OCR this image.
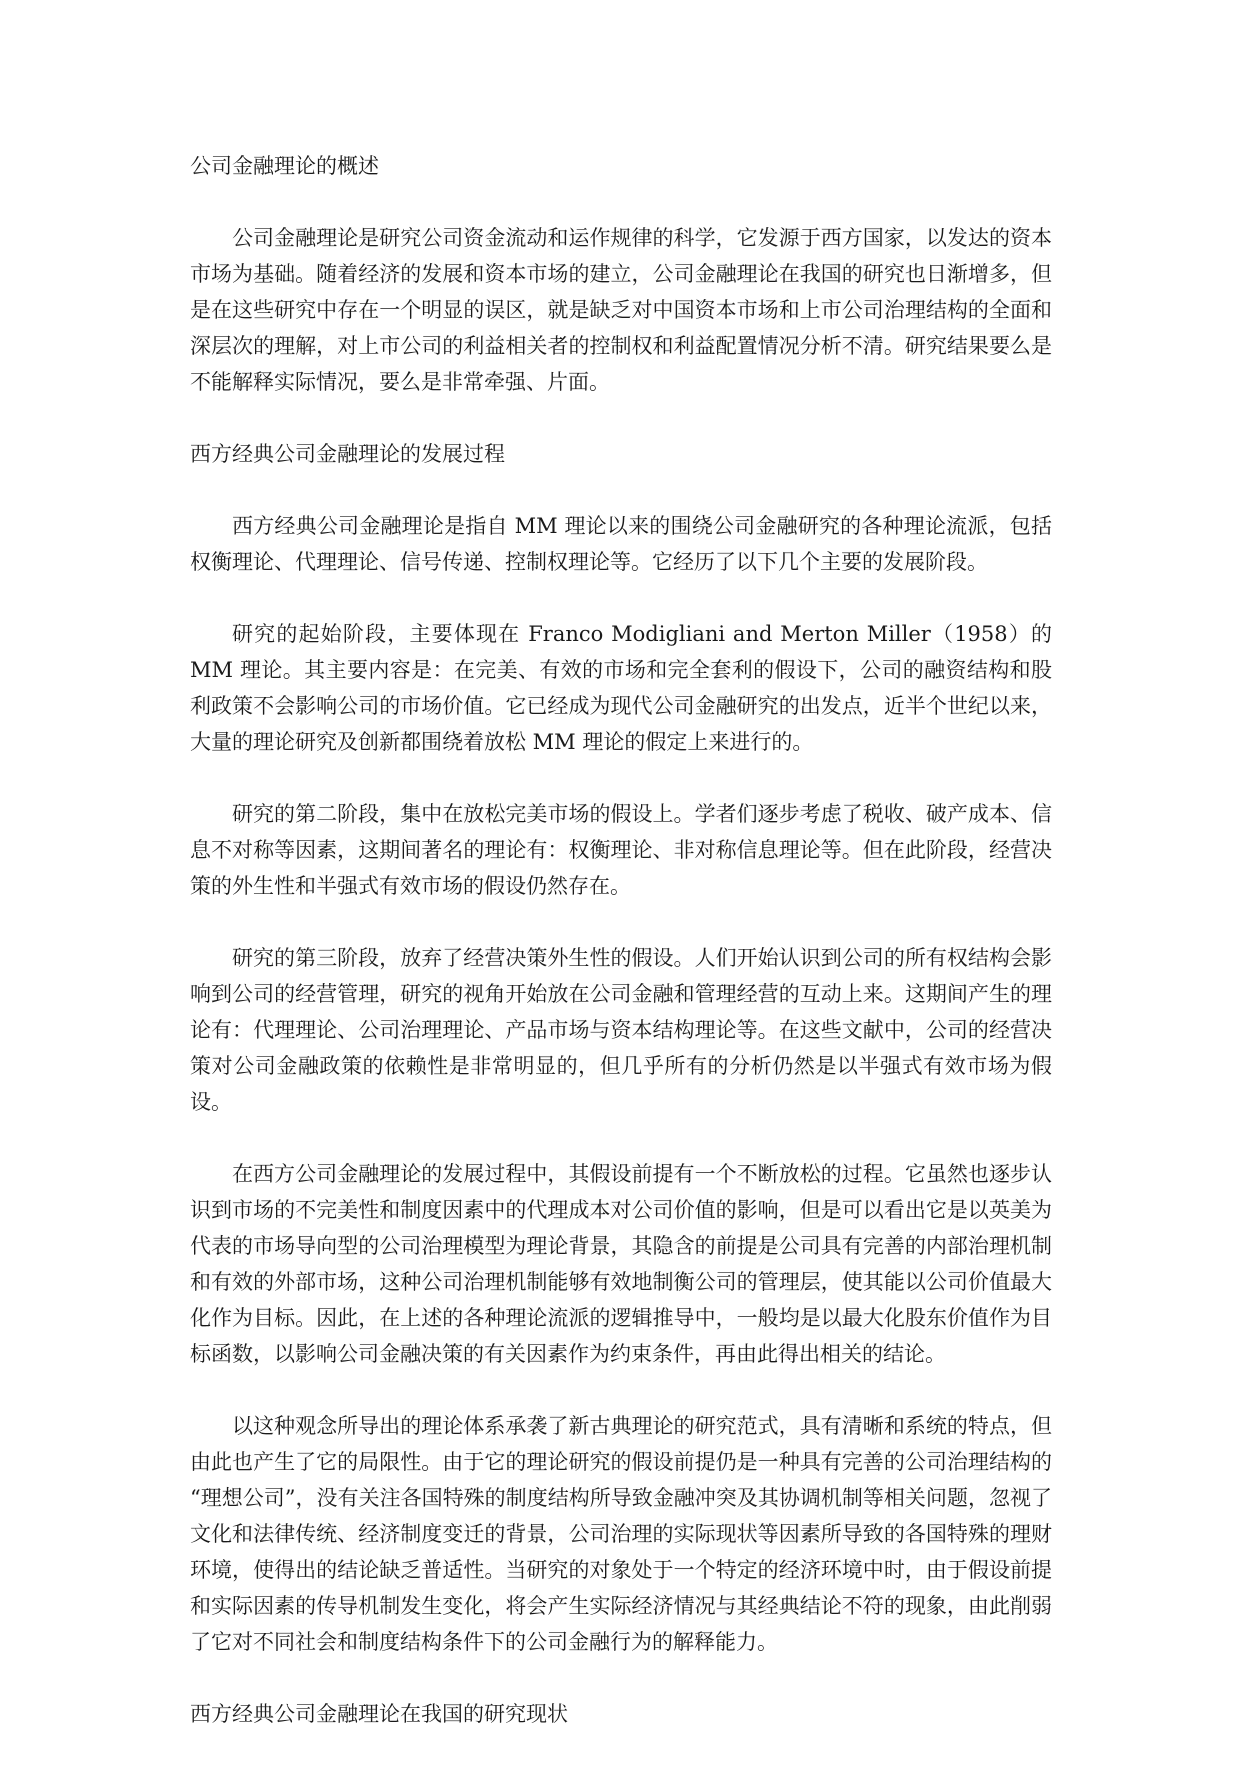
公司金融理论的概述

公司金融理论是研究公司资金流动和运作规律的科学，它发源于西方国家，以发达的资本市场为基础。随着经济的发展和资本市场的建立，公司金融理论在我国的研究也日渐增多，但是在这些研究中存在一个明显的误区，就是缺乏对中国资本市场和上市公司治理结构的全面和深层次的理解，对上市公司的利益相关者的控制权和利益配置情况分析不清。研究结果要么是不能解释实际情况，要么是非常牵强、片面。

西方经典公司金融理论的发展过程

西方经典公司金融理论是指自 MM 理论以来的围绕公司金融研究的各种理论流派，包括权衡理论、代理理论、信号传递、控制权理论等。它经历了以下几个主要的发展阶段。

研究的起始阶段，主要体现在 Franco Modigliani and Merton Miller（1958）的 MM 理论。其主要内容是：在完美、有效的市场和完全套利的假设下，公司的融资结构和股利政策不会影响公司的市场价值。它已经成为现代公司金融研究的出发点，近半个世纪以来，大量的理论研究及创新都围绕着放松 MM 理论的假定上来进行的。

研究的第二阶段，集中在放松完美市场的假设上。学者们逐步考虑了税收、破产成本、信息不对称等因素，这期间著名的理论有：权衡理论、非对称信息理论等。但在此阶段，经营决策的外生性和半强式有效市场的假设仍然存在。

研究的第三阶段，放弃了经营决策外生性的假设。人们开始认识到公司的所有权结构会影响到公司的经营管理，研究的视角开始放在公司金融和管理经营的互动上来。这期间产生的理论有：代理理论、公司治理理论、产品市场与资本结构理论等。在这些文献中，公司的经营决策对公司金融政策的依赖性是非常明显的，但几乎所有的分析仍然是以半强式有效市场为假设。

在西方公司金融理论的发展过程中，其假设前提有一个不断放松的过程。它虽然也逐步认识到市场的不完美性和制度因素中的代理成本对公司价值的影响，但是可以看出它是以英美为代表的市场导向型的公司治理模型为理论背景，其隐含的前提是公司具有完善的内部治理机制和有效的外部市场，这种公司治理机制能够有效地制衡公司的管理层，使其能以公司价值最大化作为目标。因此，在上述的各种理论流派的逻辑推导中，一般均是以最大化股东价值作为目标函数，以影响公司金融决策的有关因素作为约束条件，再由此得出相关的结论。

以这种观念所导出的理论体系承袭了新古典理论的研究范式，具有清晰和系统的特点，但由此也产生了它的局限性。由于它的理论研究的假设前提仍是一种具有完善的公司治理结构的 “理想公司”，没有关注各国特殊的制度结构所导致金融冲突及其协调机制等相关问题，忽视了文化和法律传统、经济制度变迁的背景，公司治理的实际现状等因素所导致的各国特殊的理财环境，使得出的结论缺乏普适性。当研究的对象处于一个特定的经济环境中时，由于假设前提和实际因素的传导机制发生变化，将会产生实际经济情况与其经典结论不符的现象，由此削弱了它对不同社会和制度结构条件下的公司金融行为的解释能力。

西方经典公司金融理论在我国的研究现状
